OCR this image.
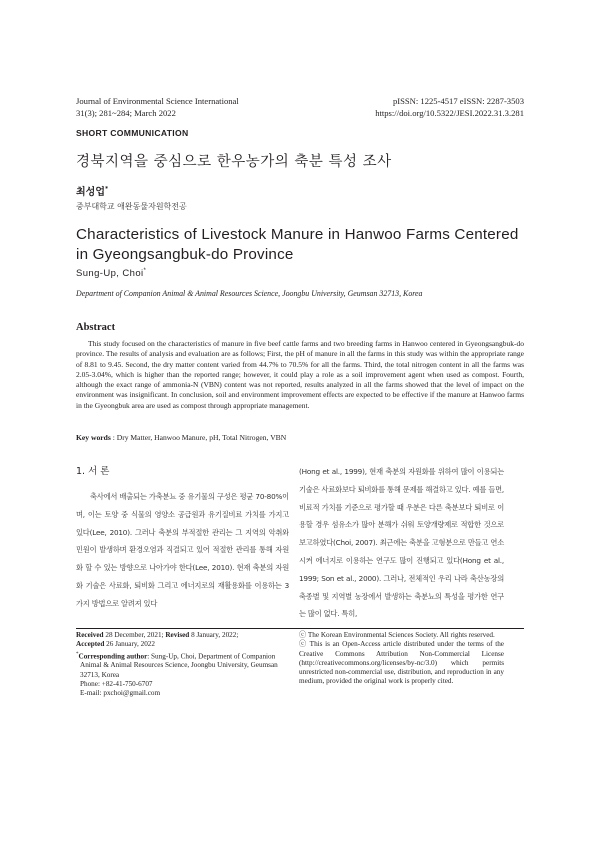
Journal of Environmental Science International
31(3); 281~284; March 2022
pISSN: 1225-4517 eISSN: 2287-3503
https://doi.org/10.5322/JESI.2022.31.3.281
SHORT COMMUNICATION
경북지역을 중심으로 한우농가의 축분 특성 조사
최성업*
중부대학교 애완동물자원학전공
Characteristics of Livestock Manure in Hanwoo Farms Centered in Gyeongsangbuk-do Province
Sung-Up, Choi*
Department of Companion Animal & Animal Resources Science, Joongbu University, Geumsan 32713, Korea
Abstract
This study focused on the characteristics of manure in five beef cattle farms and two breeding farms in Hanwoo centered in Gyeongsangbuk-do province. The results of analysis and evaluation are as follows; First, the pH of manure in all the farms in this study was within the appropriate range of 8.81 to 9.45. Second, the dry matter content varied from 44.7% to 70.5% for all the farms. Third, the total nitrogen content in all the farms was 2.05-3.04%, which is higher than the reported range; however, it could play a role as a soil improvement agent when used as compost. Fourth, although the exact range of ammonia-N (VBN) content was not reported, results analyzed in all the farms showed that the level of impact on the environment was insignificant. In conclusion, soil and environment improvement effects are expected to be effective if the manure at Hanwoo farms in the Gyeongbuk area are used as compost through appropriate management.
Key words : Dry Matter, Hanwoo Manure, pH, Total Nitrogen, VBN
1. 서 론
축사에서 배출되는 가축분뇨 중 유기물의 구성은 평균 70-80%이며, 이는 토양 중 식물의 영양소 공급원과 유기질비료 가치를 가지고 있다(Lee, 2010). 그러나 축분의 부적절한 관리는 그 지역의 악취와 민원이 발생하며 환경오염과 직결되고 있어 적절한 관리를 통해 자원화 할 수 있는 방향으로 나아가야 한다(Lee, 2010). 현재 축분의 자원화 기술은 사료화, 퇴비화 그리고 에너지로의 재활용화를 이용하는 3가지 방법으로 알려져 있다
(Hong et al., 1999), 현재 축분의 자원화를 위하여 많이 이용되는 기술은 사료화보다 퇴비화를 통해 문제를 해결하고 있다. 예를 들면, 비료적 가치를 기준으로 평가할 때 우분은 다른 축분보다 퇴비로 이용할 경우 섬유소가 많아 분해가 쉬워 토양개량제로 적합한 것으로 보고하였다(Choi, 2007). 최근에는 축분을 고형분으로 만들고 연소시켜 에너지로 이용하는 연구도 많이 진행되고 있다(Hong et al., 1999; Son et al., 2000). 그러나, 전체적인 우리 나라 축산농장의 축종별 및 지역별 농장에서 발생하는 축분뇨의 특성을 평가한 연구는 많이 없다. 특히,
Received 28 December, 2021; Revised 8 January, 2022;
Accepted 26 January, 2022
*Corresponding author: Sung-Up, Choi, Department of Companion Animal & Animal Resources Science, Joongbu University, Geumsan 32713, Korea
Phone: +82-41-750-6707
E-mail: pxchoi@gmail.com
ⓒ The Korean Environmental Sciences Society. All rights reserved.
ⓒ This is an Open-Access article distributed under the terms of the Creative Commons Attribution Non-Commercial License (http://creativecommons.org/licenses/by-nc/3.0) which permits unrestricted non-commercial use, distribution, and reproduction in any medium, provided the original work is properly cited.
